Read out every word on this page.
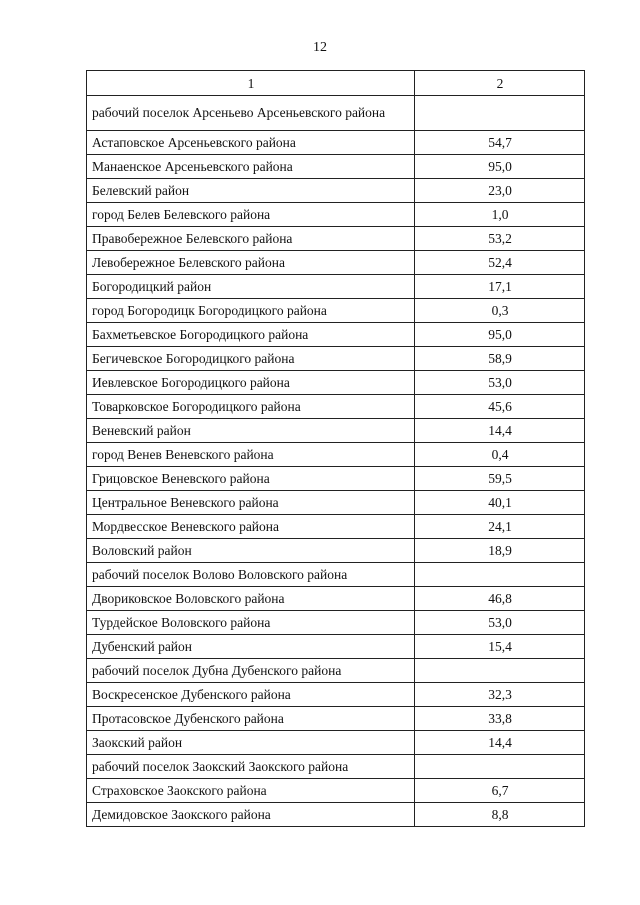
12
1	2
рабочий поселок Арсеньево Арсеньевского района	
Астаповское Арсеньевского района	54,7
Манаенское Арсеньевского района	95,0
Белевский район	23,0
город Белев Белевского района	1,0
Правобережное Белевского района	53,2
Левобережное Белевского района	52,4
Богородицкий район	17,1
город Богородицк Богородицкого района	0,3
Бахметьевское Богородицкого района	95,0
Бегичевское Богородицкого района	58,9
Иевлевское Богородицкого района	53,0
Товарковское Богородицкого района	45,6
Веневский район	14,4
город Венев Веневского района	0,4
Грицовское Веневского района	59,5
Центральное Веневского района	40,1
Мордвесское Веневского района	24,1
Воловский район	18,9
рабочий поселок Волово Воловского района	
Двориковское Воловского района	46,8
Турдейское Воловского района	53,0
Дубенский район	15,4
рабочий поселок Дубна Дубенского района	
Воскресенское Дубенского района	32,3
Протасовское Дубенского района	33,8
Заокский район	14,4
рабочий поселок Заокский Заокского района	
Страховское Заокского района	6,7
Демидовское Заокского района	8,8
